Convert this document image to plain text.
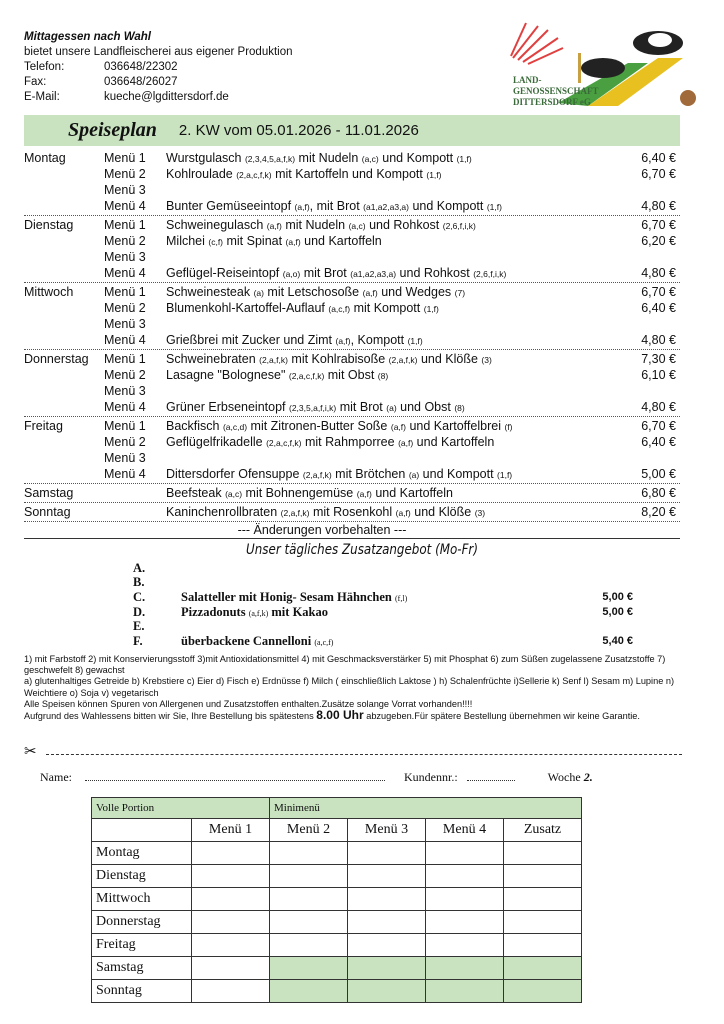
Mittagessen nach Wahl
bietet unsere Landfleischerei aus eigener Produktion
Telefon:	036648/22302
Fax:	036648/26027
E-Mail:	kueche@lgdittersdorf.de
LAND-
GENOSSENSCHAFT
DITTERSDORF eG
Speiseplan 2. KW vom 05.01.2026 - 11.01.2026
Montag	Menü 1	Wurstgulasch (2,3,4,5,a,f,k) mit Nudeln (a,c) und Kompott (1,f)	6,40 €
Menü 2	Kohlroulade (2,a,c,f,k) mit Kartoffeln und Kompott (1,f)	6,70 €
Menü 3
Menü 4	Bunter Gemüseeintopf (a,f), mit Brot (a1,a2,a3,a) und Kompott (1,f)	4,80 €
Dienstag	Menü 1	Schweinegulasch (a,f) mit Nudeln (a,c) und Rohkost (2,6,f,i,k)	6,70 €
Menü 2	Milchei (c,f) mit Spinat (a,f) und Kartoffeln	6,20 €
Menü 3
Menü 4	Geflügel-Reiseintopf (a,o) mit Brot (a1,a2,a3,a) und Rohkost (2,6,f,i,k)	4,80 €
Mittwoch	Menü 1	Schweinesteak (a) mit Letschosoße (a,f) und Wedges (7)	6,70 €
Menü 2	Blumenkohl-Kartoffel-Auflauf (a,c,f) mit Kompott (1,f)	6,40 €
Menü 3
Menü 4	Grießbrei mit Zucker und Zimt (a,f), Kompott (1,f)	4,80 €
Donnerstag	Menü 1	Schweinebraten (2,a,f,k) mit Kohlrabisoße (2,a,f,k) und Klöße (3)	7,30 €
Menü 2	Lasagne "Bolognese" (2,a,c,f,k) mit Obst (8)	6,10 €
Menü 3
Menü 4	Grüner Erbseneintopf (2,3,5,a,f,i,k) mit Brot (a) und Obst (8)	4,80 €
Freitag	Menü 1	Backfisch (a,c,d) mit Zitronen-Butter Soße (a,f) und Kartoffelbrei (f)	6,70 €
Menü 2	Geflügelfrikadelle (2,a,c,f,k) mit Rahmporree (a,f) und Kartoffeln	6,40 €
Menü 3
Menü 4	Dittersdorfer Ofensuppe (2,a,f,k) mit Brötchen (a) und Kompott (1,f)	5,00 €
Samstag	Beefsteak (a,c) mit Bohnengemüse (a,f) und Kartoffeln	6,80 €
Sonntag	Kaninchenrollbraten (2,a,f,k) mit Rosenkohl (a,f) und Klöße (3)	8,20 €
--- Änderungen vorbehalten ---
Unser tägliches Zusatzangebot (Mo-Fr)
A.
B.
C.	Salatteller mit Honig- Sesam Hähnchen (f,l)	5,00 €
D.	Pizzadonuts (a,f,k) mit Kakao	5,00 €
E.
F.	überbackene Cannelloni (a,c,f)	5,40 €
1) mit Farbstoff 2) mit Konservierungsstoff 3)mit Antioxidationsmittel 4) mit Geschmacksverstärker 5) mit Phosphat 6) zum Süßen zugelassene Zusatzstoffe 7) geschwefelt 8) gewachst
a) glutenhaltiges Getreide b) Krebstiere c) Eier d) Fisch e) Erdnüsse f) Milch ( einschließlich Laktose ) h) Schalenfrüchte i)Sellerie k) Senf l) Sesam m) Lupine n) Weichtiere o) Soja v) vegetarisch
Alle Speisen können Spuren von Allergenen und Zusatzstoffen enthalten.Zusätze solange Vorrat vorhanden!!!!
Aufgrund des Wahlessens bitten wir Sie, Ihre Bestellung bis spätestens 8.00 Uhr abzugeben.Für spätere Bestellung übernehmen wir keine Garantie.
✂
Name:	Kundennr.:	Woche 2.
Volle Portion		Minimenü			
	Menü 1	Menü 2	Menü 3	Menü 4	Zusatz
Montag					
Dienstag					
Mittwoch					
Donnerstag					
Freitag					
Samstag					
Sonntag					
